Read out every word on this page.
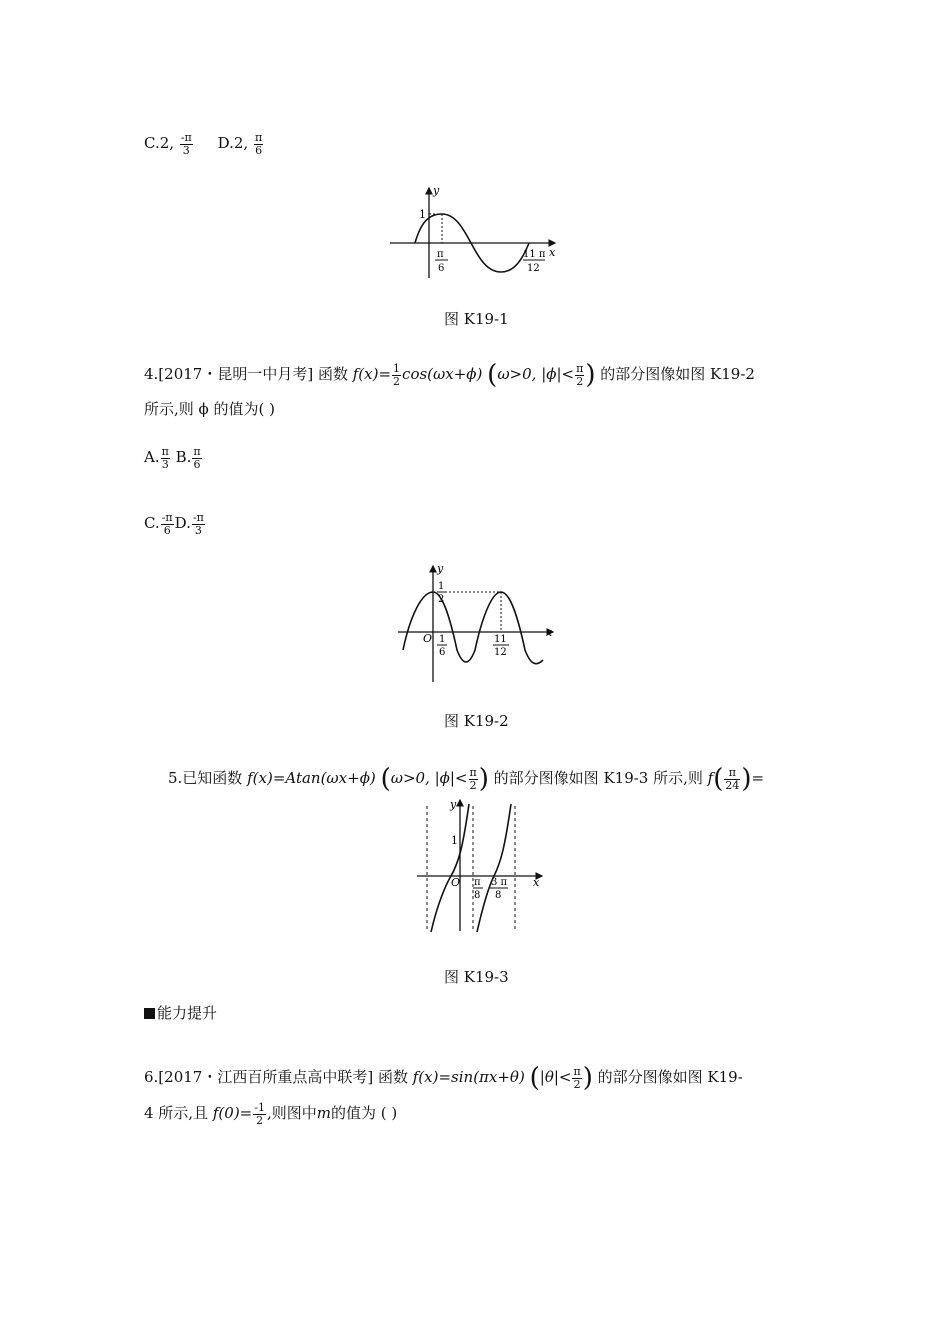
C.2, $\frac{-\pi}{3} D.2$, $\frac{\pi}{6}$
y
x
1
π
6
11 π
12
图 K19-1
4.[2017・昆明一中月考] 函数 $f(x)= \frac{1}{2} \cos(\omega x+\phi)$ (ω>0, $|\phi|< \frac{\pi}{2}$ ) 的部分图像如图 K19-2
所示,则 ϕ 的值为( )
A. $\frac{\pi}{3} B$. $\frac{\pi}{6}$
C. $\frac{-\pi}{6} D$. $\frac{-\pi}{3}$
y
x
O
1
2
1
6
11
12
图 K19-2
5.已知函数 f(x)=Atan(ωx+ϕ) (ω>0, $|\phi|< \frac{\pi}{2}$ ) 的部分图像如图 K19-3 所示,则 $f( \frac{\pi}{24}$ )=
y
x
O
1
π
8
3 π
8
图 K19-3
能力提升
6.[2017・江西百所重点高中联考] 函数 f(x)=sin(πx+θ) ($|\theta|< \frac{\pi}{2}$ ) 的部分图像如图 K19-
4 所示,且 $f(0)= \frac{-1}{2}$ ,则图中m的值为 ( )
